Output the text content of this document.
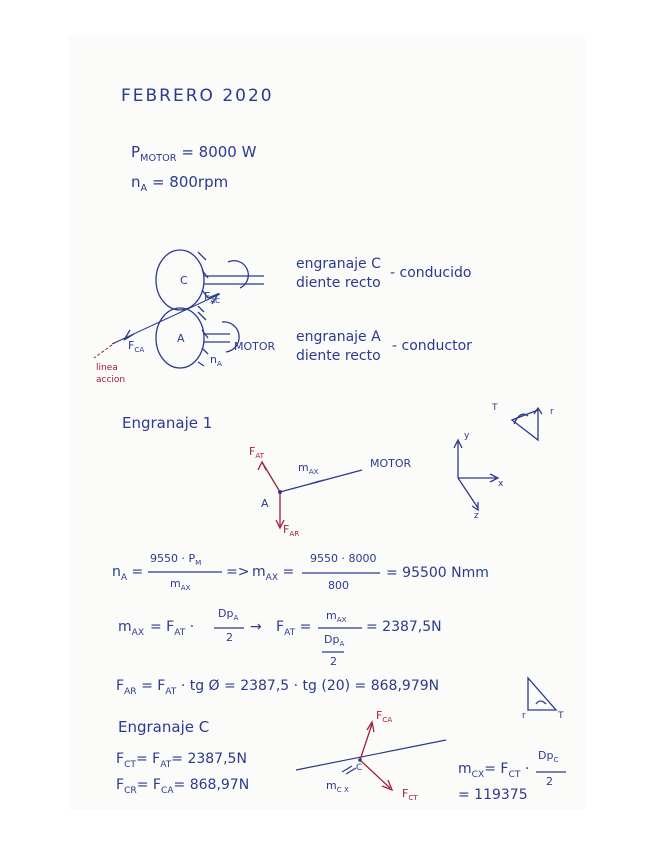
FEBRERO 2020
$P_{MOTOR} = 8000$ W
$n_A = 800rpm$
C
A
$F_{AC}$
$F_{CA}$	MOTOR
$n_A$
linea
accion
engranaje C
diente recto
- conducido
engranaje A
diente recto
- conductor
Engranaje 1
$F_{AT}$
$F_{AR}$
$m_{AX}$
MOTOR
A
y
x
z
T	r
$n_A$ =
$9550 \cdot P_M$
$m_{AX}$
=> $m_{AX}$ =
9550 · 8000
800
= 95500 Nmm
$m_{AX} = F_{AT}$ ·
$Dp_A$
2
→ $F_{AT}$ =
$m_{AX}$
$Dp_A$
2
= 2387,5N
$F_{AR} = F_{AT}$ · tg Ø = 2387,5 · tg (20) = 868,979N
r	T
Engranaje C
$F_{CT}= F_{AT}= 2387,5N$
$F_{CR}= F_{CA}= 868,97N$
$F_{CA}$
C
$m_{C X}$	$F_{CT}$
$m_{CX}= F_{CT}$ ·
$Dp_C$
2
= 119375
